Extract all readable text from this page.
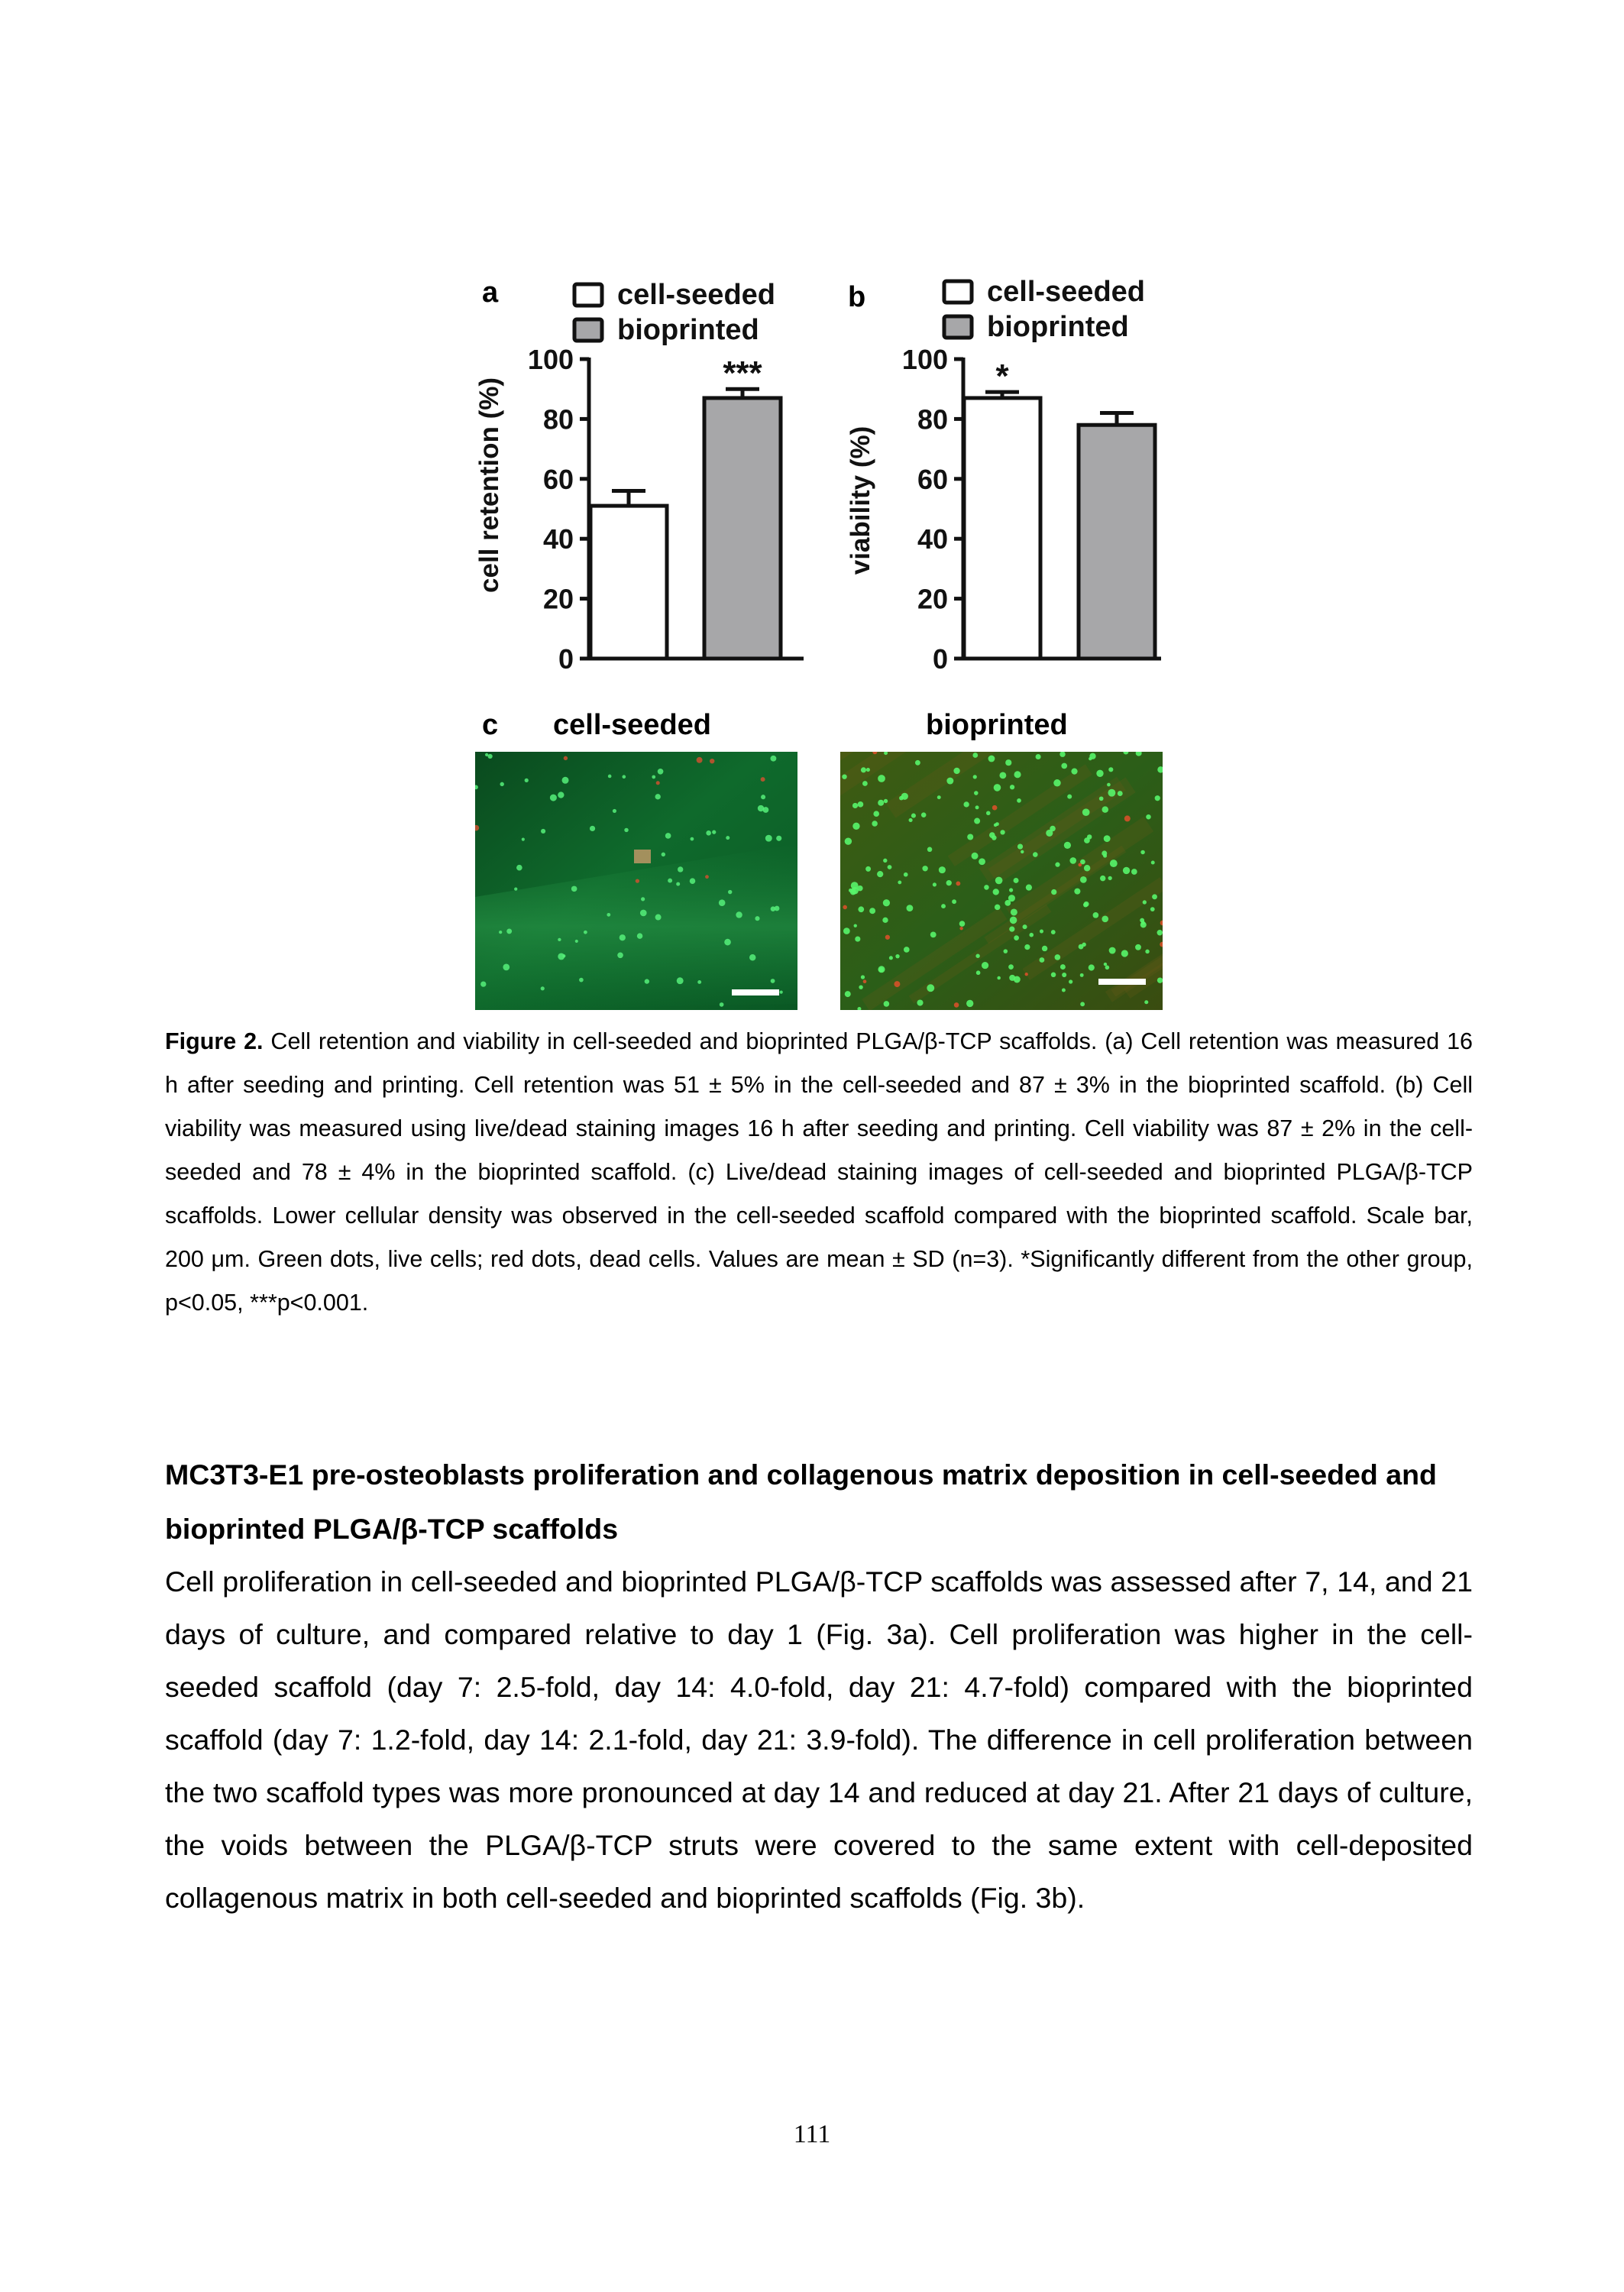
a	b
c
cell-seeded
bioprinted
cell retention (%)
0
20
40
60
80
100	***
cell-seeded
bioprinted
viability (%)
0
20
40
60
80
100 *
cell-seeded	bioprinted

Figure 2. Cell retention and viability in cell-seeded and bioprinted PLGA/β-TCP scaffolds. (a) Cell retention was measured 16 h after seeding and printing. Cell retention was 51 ± 5% in the cell-seeded and 87 ± 3% in the bioprinted scaffold. (b) Cell viability was measured using live/dead staining images 16 h after seeding and printing. Cell viability was 87 ± 2% in the cell-seeded and 78 ± 4% in the bioprinted scaffold. (c) Live/dead staining images of cell-seeded and bioprinted PLGA/β-TCP scaffolds. Lower cellular density was observed in the cell-seeded scaffold compared with the bioprinted scaffold. Scale bar, 200 μm. Green dots, live cells; red dots, dead cells. Values are mean ± SD (n=3). *Significantly different from the other group, p<0.05, ***p<0.001.

MC3T3-E1 pre-osteoblasts proliferation and collagenous matrix deposition in cell-seeded and bioprinted PLGA/β-TCP scaffolds

Cell proliferation in cell-seeded and bioprinted PLGA/β-TCP scaffolds was assessed after 7, 14, and 21 days of culture, and compared relative to day 1 (Fig. 3a). Cell proliferation was higher in the cell-seeded scaffold (day 7: 2.5-fold, day 14: 4.0-fold, day 21: 4.7-fold) compared with the bioprinted scaffold (day 7: 1.2-fold, day 14: 2.1-fold, day 21: 3.9-fold). The difference in cell proliferation between the two scaffold types was more pronounced at day 14 and reduced at day 21. After 21 days of culture, the voids between the PLGA/β-TCP struts were covered to the same extent with cell-deposited collagenous matrix in both cell-seeded and bioprinted scaffolds (Fig. 3b).

111
